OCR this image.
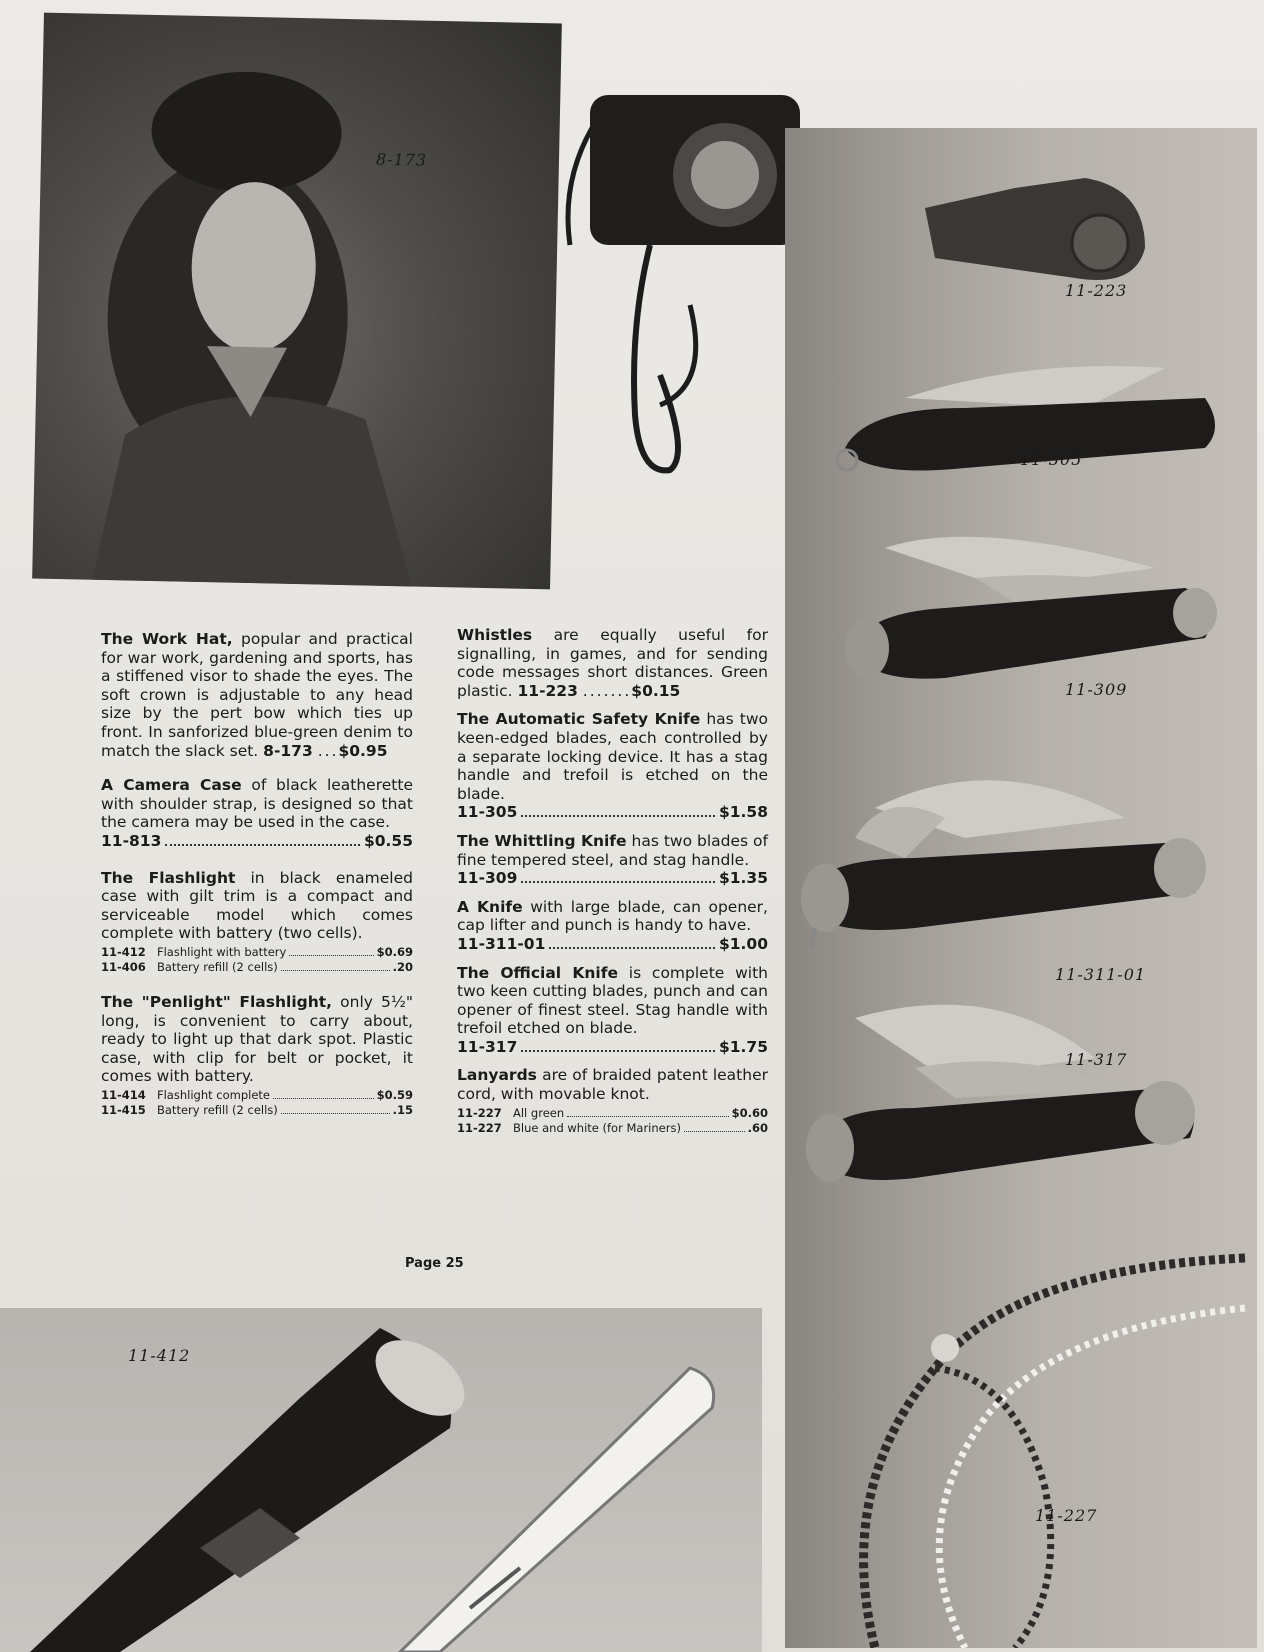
8-173
11-223
11-305
11-309
11-311-01
11-317
11-227

The Work Hat, popular and practical for war work, gardening and sports, has a stiffened visor to shade the eyes. The soft crown is adjustable to any head size by the pert bow which ties up front. In sanforized blue-green denim to match the slack set. 8-173 ...$0.95

A Camera Case of black leatherette with shoulder strap, is designed so that the camera may be used in the case.

11-813	$0.55

The Flashlight in black enameled case with gilt trim is a compact and serviceable model which comes complete with battery (two cells).

11-412 Flashlight with battery	$0.69
11-406 Battery refill (2 cells)	.20

The "Penlight" Flashlight, only 5½" long, is convenient to carry about, ready to light up that dark spot. Plastic case, with clip for belt or pocket, it comes with battery.

11-414 Flashlight complete	$0.59
11-415 Battery refill (2 cells)	.15

Whistles are equally useful for signalling, in games, and for sending code messages short distances. Green plastic. 11-223 .......$0.15

The Automatic Safety Knife has two keen-edged blades, each controlled by a separate locking device. It has a stag handle and trefoil is etched on the blade.

11-305	$1.58

The Whittling Knife has two blades of fine tempered steel, and stag handle.

11-309	$1.35

A Knife with large blade, can opener, cap lifter and punch is handy to have.

11-311-01	$1.00

The Official Knife is complete with two keen cutting blades, punch and can opener of finest steel. Stag handle with trefoil etched on blade.

11-317	$1.75

Lanyards are of braided patent leather cord, with movable knot.

11-227 All green	$0.60
11-227 Blue and white (for Mariners)	.60
Page 25
11-412
